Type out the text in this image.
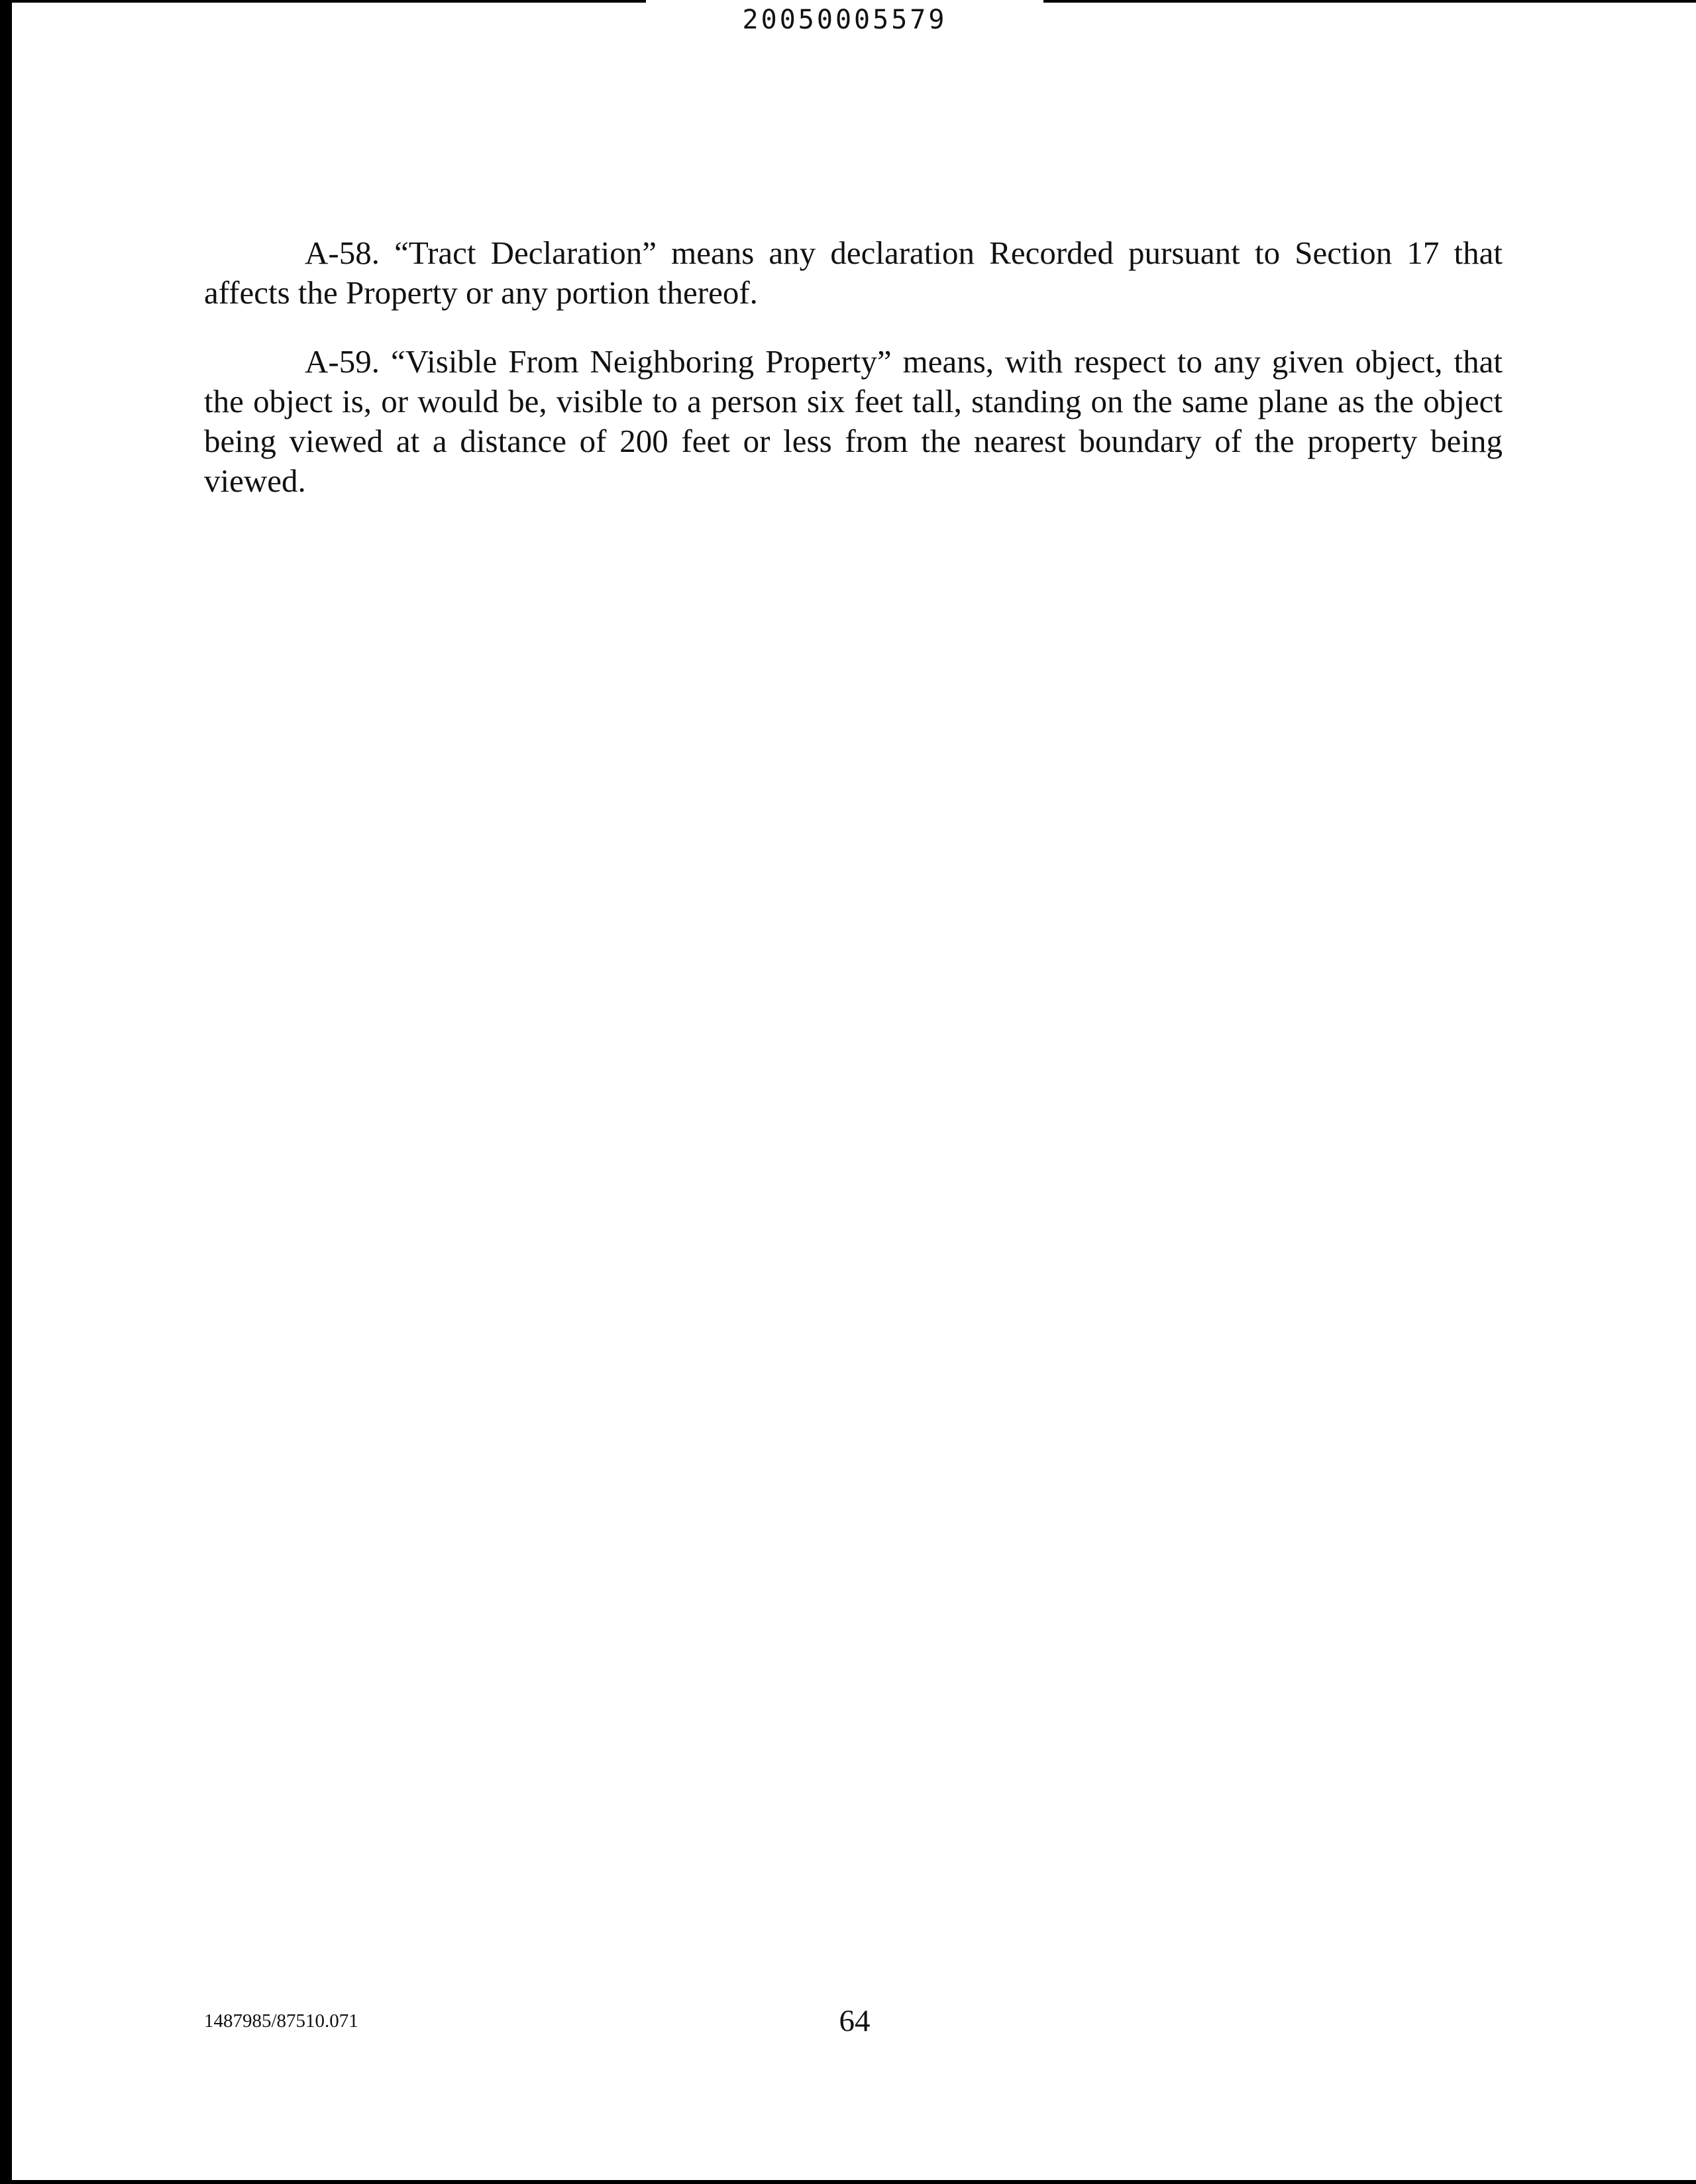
20050005579

A-58. “Tract Declaration” means any declaration Recorded pursuant to Section 17 that affects the Property or any portion thereof.

A-59. “Visible From Neighboring Property” means, with respect to any given object, that the object is, or would be, visible to a person six feet tall, standing on the same plane as the object being viewed at a distance of 200 feet or less from the nearest boundary of the property being viewed.

1487985/87510.071	64
